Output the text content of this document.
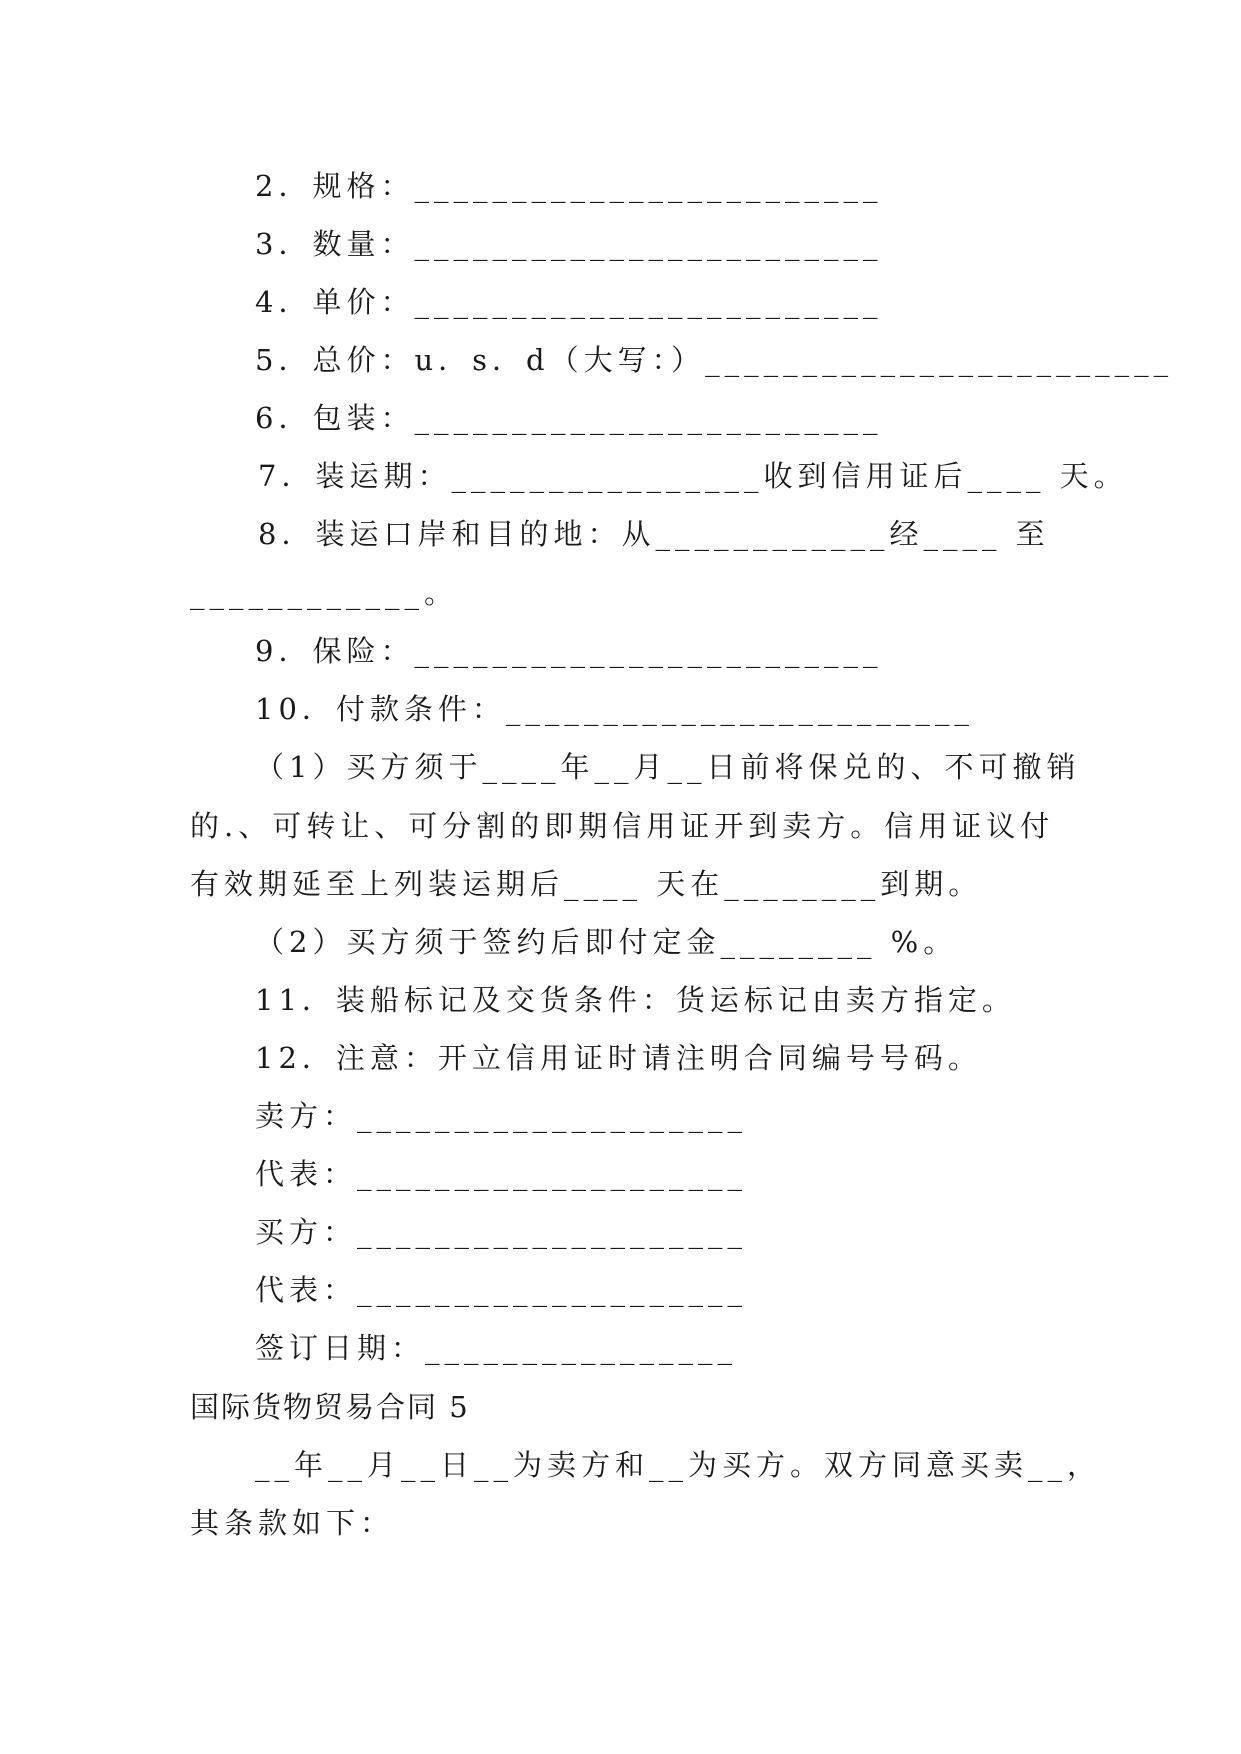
2．规格：________________________
3．数量：________________________
4．单价：________________________
5．总价：u．s．d（大写：）________________________
6．包装：________________________
7．装运期：________________收到信用证后____ 天。
8．装运口岸和目的地：从____________经____ 至
____________。
9．保险：________________________
10．付款条件：________________________
（1）买方须于____年__月__日前将保兑的、不可撤销
的.、可转让、可分割的即期信用证开到卖方。信用证议付
有效期延至上列装运期后____ 天在________到期。
（2）买方须于签约后即付定金________ %。
11．装船标记及交货条件：货运标记由卖方指定。
12．注意：开立信用证时请注明合同编号号码。
卖方：____________________
代表：____________________
买方：____________________
代表：____________________
签订日期：________________
国际货物贸易合同 5
__年__月__日__为卖方和__为买方。双方同意买卖__，
其条款如下：
